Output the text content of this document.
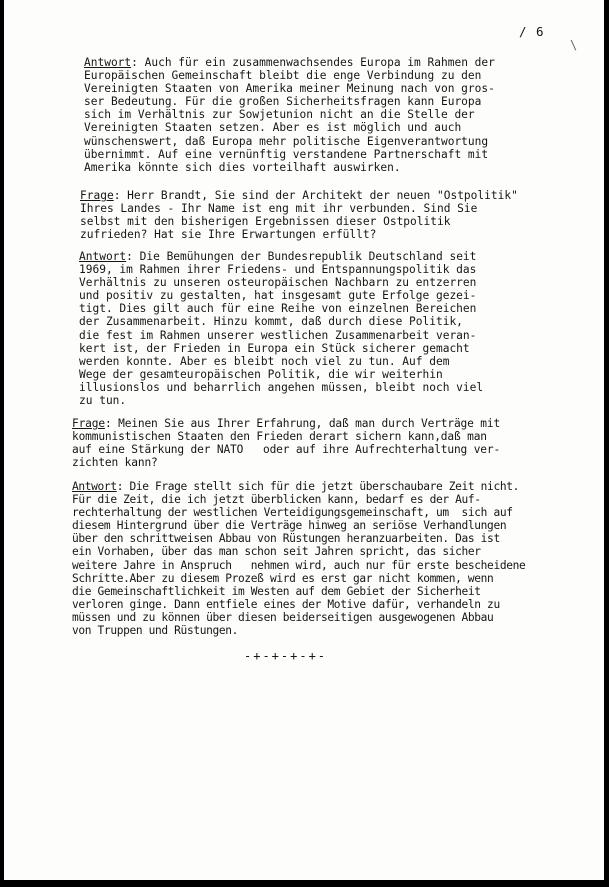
/ 6
\
Antwort: Auch für ein zusammenwachsendes Europa im Rahmen der
Europäischen Gemeinschaft bleibt die enge Verbindung zu den
Vereinigten Staaten von Amerika meiner Meinung nach von gros-
ser Bedeutung. Für die großen Sicherheitsfragen kann Europa
sich im Verhältnis zur Sowjetunion nicht an die Stelle der
Vereinigten Staaten setzen. Aber es ist möglich und auch
wünschenswert, daß Europa mehr politische Eigenverantwortung
übernimmt. Auf eine vernünftig verstandene Partnerschaft mit
Amerika könnte sich dies vorteilhaft auswirken.
Frage: Herr Brandt, Sie sind der Architekt der neuen "Ostpolitik"
Ihres Landes - Ihr Name ist eng mit ihr verbunden. Sind Sie
selbst mit den bisherigen Ergebnissen dieser Ostpolitik
zufrieden? Hat sie Ihre Erwartungen erfüllt?
Antwort: Die Bemühungen der Bundesrepublik Deutschland seit
1969, im Rahmen ihrer Friedens- und Entspannungspolitik das
Verhältnis zu unseren osteuropäischen Nachbarn zu entzerren
und positiv zu gestalten, hat insgesamt gute Erfolge gezei-
tigt. Dies gilt auch für eine Reihe von einzelnen Bereichen
der Zusammenarbeit. Hinzu kommt, daß durch diese Politik,
die fest im Rahmen unserer westlichen Zusammenarbeit veran-
kert ist, der Frieden in Europa ein Stück sicherer gemacht
werden konnte. Aber es bleibt noch viel zu tun. Auf dem
Wege der gesamteuropäischen Politik, die wir weiterhin
illusionslos und beharrlich angehen müssen, bleibt noch viel
zu tun.
Frage: Meinen Sie aus Ihrer Erfahrung, daß man durch Verträge mit
kommunistischen Staaten den Frieden derart sichern kann,daß man
auf eine Stärkung der NATO   oder auf ihre Aufrechterhaltung ver-
zichten kann?
Antwort: Die Frage stellt sich für die jetzt überschaubare Zeit nicht.
Für die Zeit, die ich jetzt überblicken kann, bedarf es der Auf-
rechterhaltung der westlichen Verteidigungsgemeinschaft, um  sich auf
diesem Hintergrund über die Verträge hinweg an seriöse Verhandlungen
über den schrittweisen Abbau von Rüstungen heranzuarbeiten. Das ist
ein Vorhaben, über das man schon seit Jahren spricht, das sicher
weitere Jahre in Anspruch   nehmen wird, auch nur für erste bescheidene
Schritte.Aber zu diesem Prozeß wird es erst gar nicht kommen, wenn
die Gemeinschaftlichkeit im Westen auf dem Gebiet der Sicherheit
verloren ginge. Dann entfiele eines der Motive dafür, verhandeln zu
müssen und zu können über diesen beiderseitigen ausgewogenen Abbau
von Truppen und Rüstungen.
-+-+-+-+-
